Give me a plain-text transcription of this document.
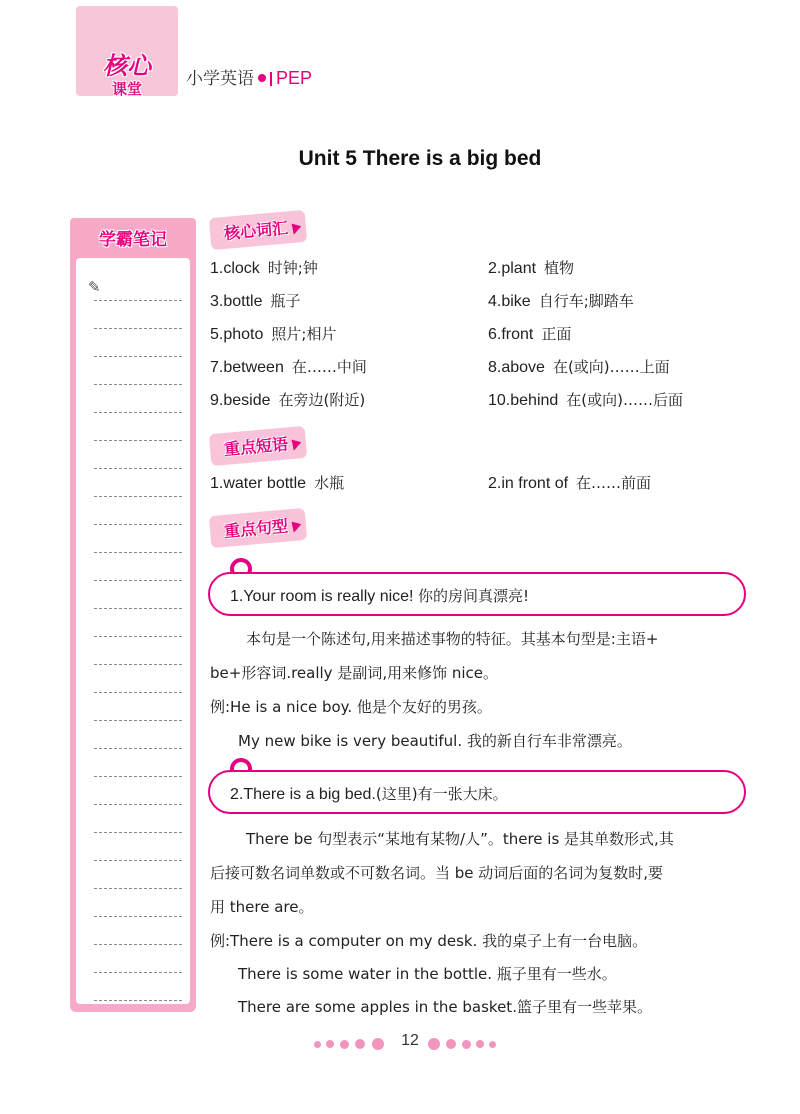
核心
课堂	小学英语 PEP
Unit 5 There is a big bed
学霸笔记
✎
核心词汇
1.clock 时钟;钟	2.plant 植物
3.bottle 瓶子	4.bike 自行车;脚踏车
5.photo 照片;相片	6.front 正面
7.between 在……中间	8.above 在(或向)……上面
9.beside 在旁边(附近)	10.behind 在(或向)……后面
重点短语
1.water bottle 水瓶	2.in front of 在……前面
重点句型
1.Your room is really nice! 你的房间真漂亮!
本句是一个陈述句,用来描述事物的特征。其基本句型是:主语+
be+形容词.really 是副词,用来修饰 nice。
例:He is a nice boy. 他是个友好的男孩。
My new bike is very beautiful. 我的新自行车非常漂亮。
2.There is a big bed.(这里)有一张大床。
There be 句型表示“某地有某物/人”。there is 是其单数形式,其
后接可数名词单数或不可数名词。当 be 动词后面的名词为复数时,要
用 there are。
例:There is a computer on my desk. 我的桌子上有一台电脑。
There is some water in the bottle. 瓶子里有一些水。
There are some apples in the basket.篮子里有一些苹果。
12
